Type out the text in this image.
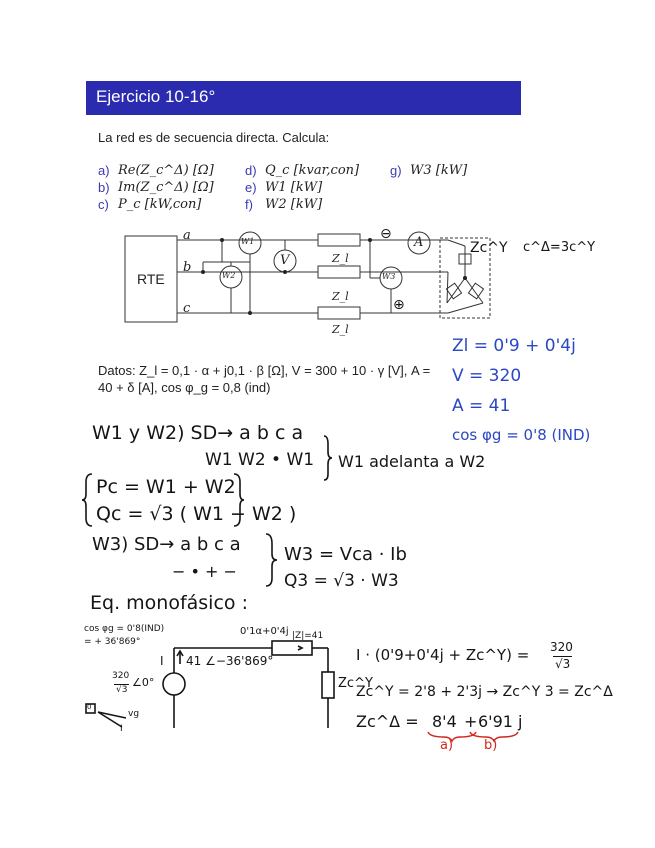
Ejercicio 10-16°
La red es de secuencia directa. Calcula:
a) Re(Z_c^Δ) [Ω]
b) Im(Z_c^Δ) [Ω]
c) P_c [kW,con]
d) Q_c [kvar,con]
e) W1 [kW]
f) W2 [kW]
g) W3 [kW]
RTE
a
b
c
W1
W2	W3
V
A
Z_l
Z_l
Z_l
⊖
⊕
Zc^Y c^Δ=3c^Y
Datos: Z_l = 0,1 · α + j0,1 · β [Ω], V = 300 + 10 · γ [V], A =
40 + δ [A], cos φ_g = 0,8 (ind)
Zl = 0'9 + 0'4j
V = 320
A = 41
cos φg = 0'8 (IND)
W1 y W2) SD→ a b c a
W1 W2 • W1 W1 adelanta a W2
Pc = W1 + W2
Qc = √3 ( W1 − W2 )
W3) SD→ a b c a
− • + −
W3 = Vca · Ib
Q3 = √3 · W3
Eq. monofásico :
cos φg = 0'8(IND)
= + 36'869°
0'1α+0'4j |Z|=41
I 41 ∠−36'869°
320
√3
∠0°	Zc^Y
0
vg
I
I · (0'9+0'4j + Zc^Y) = 320
√3
Zc^Y = 2'8 + 2'3j → Zc^Y 3 = Zc^Δ
Zc^Δ = 8'4 + 6'91 j
a) b)
